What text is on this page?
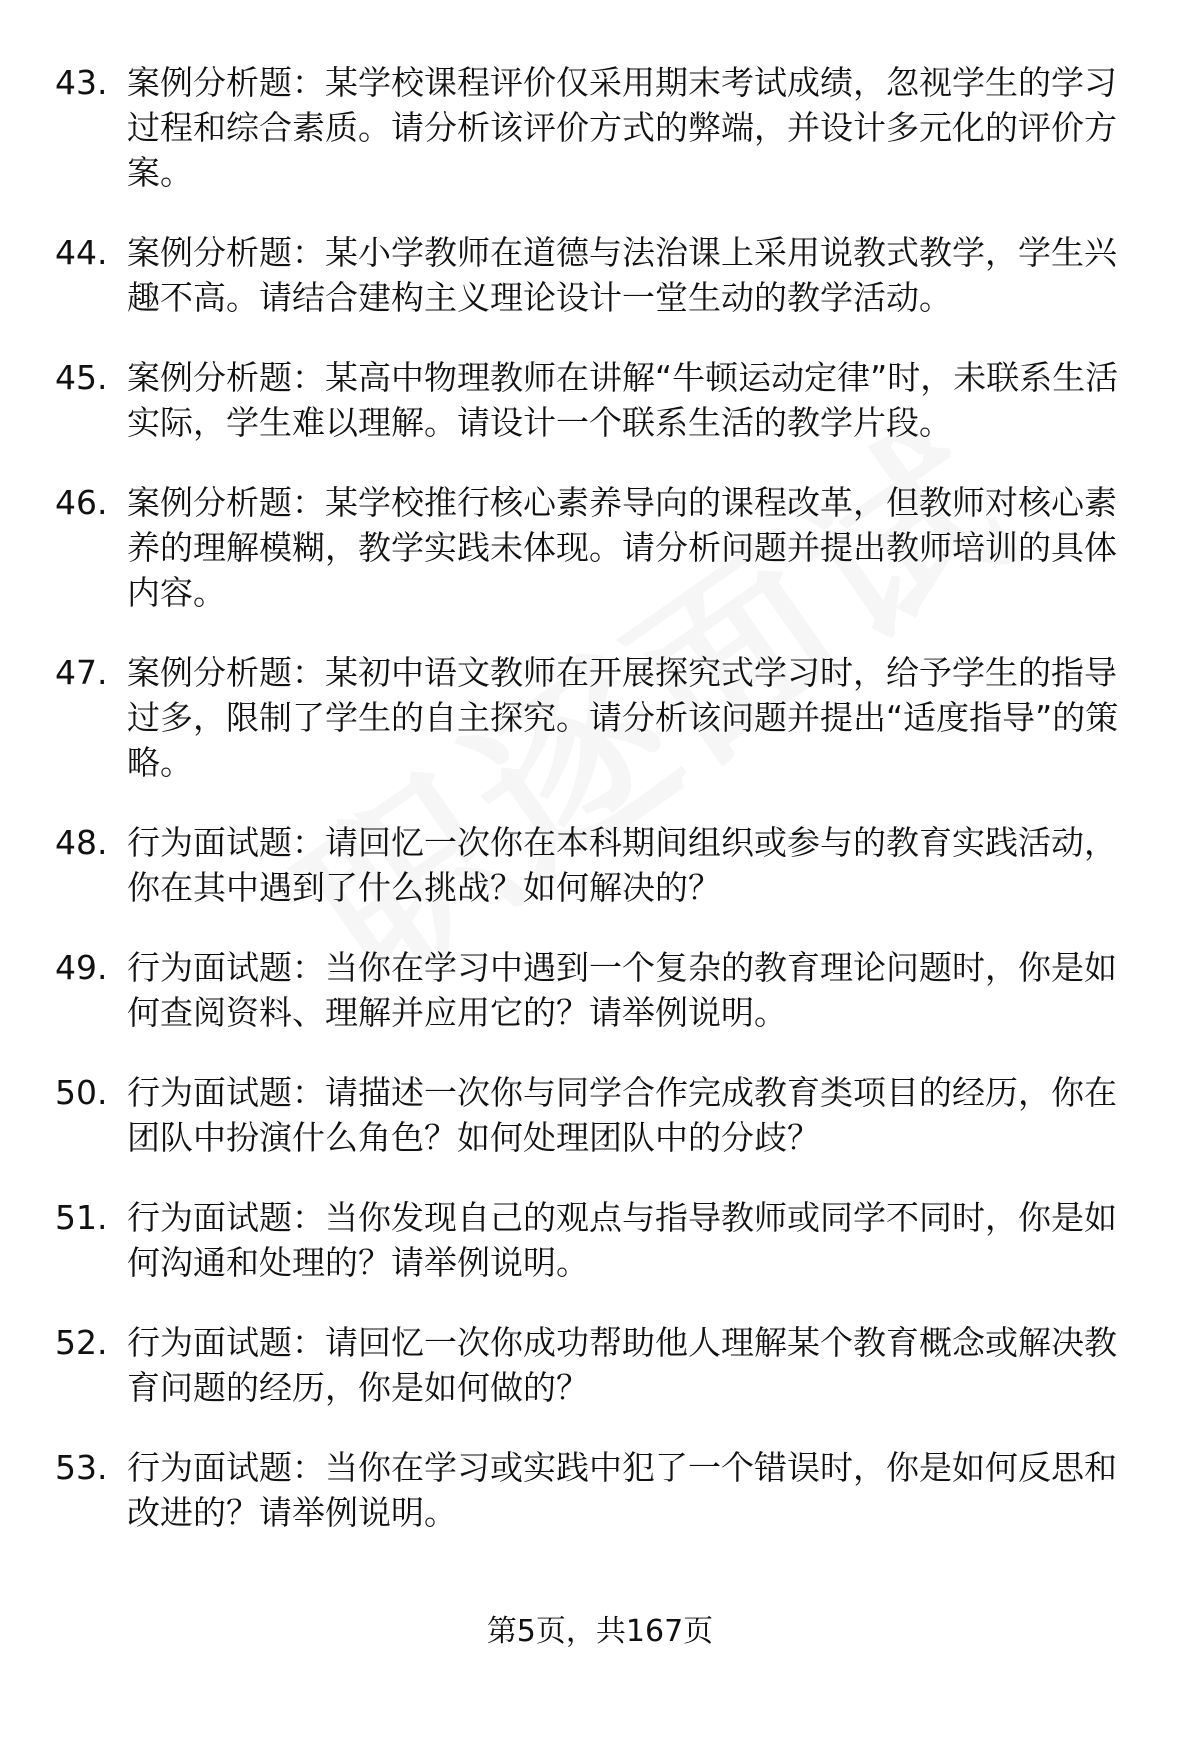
43. 案例分析题：某学校课程评价仅采用期末考试成绩，忽视学生的学习过程和综合素质。请分析该评价方式的弊端，并设计多元化的评价方案。
44. 案例分析题：某小学教师在道德与法治课上采用说教式教学，学生兴趣不高。请结合建构主义理论设计一堂生动的教学活动。
45. 案例分析题：某高中物理教师在讲解“牛顿运动定律”时，未联系生活实际，学生难以理解。请设计一个联系生活的教学片段。
46. 案例分析题：某学校推行核心素养导向的课程改革，但教师对核心素养的理解模糊，教学实践未体现。请分析问题并提出教师培训的具体内容。
47. 案例分析题：某初中语文教师在开展探究式学习时，给予学生的指导过多，限制了学生的自主探究。请分析该问题并提出“适度指导”的策略。
48. 行为面试题：请回忆一次你在本科期间组织或参与的教育实践活动，你在其中遇到了什么挑战？如何解决的？
49. 行为面试题：当你在学习中遇到一个复杂的教育理论问题时，你是如何查阅资料、理解并应用它的？请举例说明。
50. 行为面试题：请描述一次你与同学合作完成教育类项目的经历，你在团队中扮演什么角色？如何处理团队中的分歧？
51. 行为面试题：当你发现自己的观点与指导教师或同学不同时，你是如何沟通和处理的？请举例说明。
52. 行为面试题：请回忆一次你成功帮助他人理解某个教育概念或解决教育问题的经历，你是如何做的？
53. 行为面试题：当你在学习或实践中犯了一个错误时，你是如何反思和改进的？请举例说明。
第5页，共167页
